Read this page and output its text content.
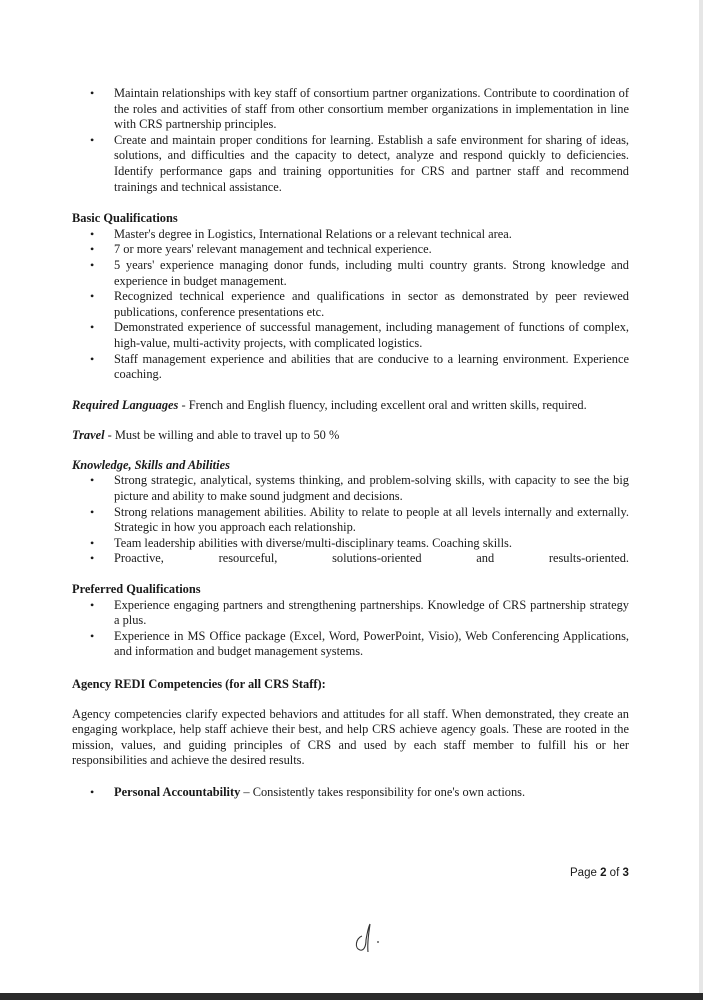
• Maintain relationships with key staff of consortium partner organizations. Contribute to coordination of the roles and activities of staff from other consortium member organizations in implementation in line with CRS partnership principles.
• Create and maintain proper conditions for learning. Establish a safe environment for sharing of ideas, solutions, and difficulties and the capacity to detect, analyze and respond quickly to deficiencies. Identify performance gaps and training opportunities for CRS and partner staff and recommend trainings and technical assistance.
Basic Qualifications
• Master's degree in Logistics, International Relations or a relevant technical area.
• 7 or more years' relevant management and technical experience.
• 5 years' experience managing donor funds, including multi country grants. Strong knowledge and experience in budget management.
• Recognized technical experience and qualifications in sector as demonstrated by peer reviewed publications, conference presentations etc.
• Demonstrated experience of successful management, including management of functions of complex, high-value, multi-activity projects, with complicated logistics.
• Staff management experience and abilities that are conducive to a learning environment. Experience coaching.
Required Languages - French and English fluency, including excellent oral and written skills, required.
Travel - Must be willing and able to travel up to 50 %
Knowledge, Skills and Abilities
• Strong strategic, analytical, systems thinking, and problem-solving skills, with capacity to see the big picture and ability to make sound judgment and decisions.
• Strong relations management abilities. Ability to relate to people at all levels internally and externally. Strategic in how you approach each relationship.
• Team leadership abilities with diverse/multi-disciplinary teams. Coaching skills.
• Proactive, resourceful, solutions-oriented and results-oriented.
Preferred Qualifications
• Experience engaging partners and strengthening partnerships. Knowledge of CRS partnership strategy a plus.
• Experience in MS Office package (Excel, Word, PowerPoint, Visio), Web Conferencing Applications, and information and budget management systems.
Agency REDI Competencies (for all CRS Staff):
Agency competencies clarify expected behaviors and attitudes for all staff. When demonstrated, they create an engaging workplace, help staff achieve their best, and help CRS achieve agency goals. These are rooted in the mission, values, and guiding principles of CRS and used by each staff member to fulfill his or her responsibilities and achieve the desired results.
• Personal Accountability – Consistently takes responsibility for one's own actions.
Page 2 of 3
